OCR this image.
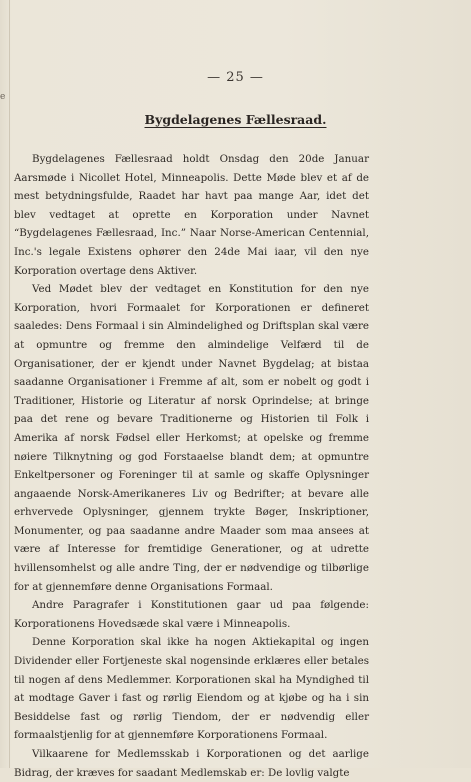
e
— 25 —
Bygdelagenes Fællesraad.

Bygdelagenes Fællesraad holdt Onsdag den 20de Januar Aarsmøde i Nicollet Hotel, Minneapolis. Dette Møde blev et af de mest betydningsfulde, Raadet har havt paa mange Aar, idet det blev vedtaget at oprette en Korporation under Navnet “Bygdelagenes Fællesraad, Inc.” Naar Norse-American Centennial, Inc.'s legale Existens ophører den 24de Mai iaar, vil den nye Korporation overtage dens Aktiver.

Ved Mødet blev der vedtaget en Konstitution for den nye Korporation, hvori Formaalet for Korporationen er defineret saaledes: Dens Formaal i sin Almindelighed og Driftsplan skal være at opmuntre og fremme den almindelige Velfærd til de Organisationer, der er kjendt under Navnet Bygdelag; at bistaa saadanne Organisationer i Fremme af alt, som er nobelt og godt i Traditioner, Historie og Literatur af norsk Oprindelse; at bringe paa det rene og bevare Traditionerne og Historien til Folk i Amerika af norsk Fødsel eller Herkomst; at opelske og fremme nøiere Tilknytning og god Forstaaelse blandt dem; at opmuntre Enkeltpersoner og Foreninger til at samle og skaffe Oplysninger angaaende Norsk-Amerikaneres Liv og Bedrifter; at bevare alle erhvervede Oplysninger, gjennem trykte Bøger, Inskriptioner, Monumenter, og paa saadanne andre Maader som maa ansees at være af Interesse for fremtidige Generationer, og at udrette hvillensomhelst og alle andre Ting, der er nødvendige og tilbørlige for at gjennemføre denne Organisations Formaal.

Andre Paragrafer i Konstitutionen gaar ud paa følgende: Korporationens Hovedsæde skal være i Minneapolis.

Denne Korporation skal ikke ha nogen Aktiekapital og ingen Dividender eller Fortjeneste skal nogensinde erklæres eller betales til nogen af dens Medlemmer. Korporationen skal ha Myndighed til at modtage Gaver i fast og rørlig Eiendom og at kjøbe og ha i sin Besiddelse fast og rørlig Tiendom, der er nødvendig eller formaalstjenlig for at gjennemføre Korporationens Formaal.

Vilkaarene for Medlemsskab i Korporationen og det aarlige Bidrag, der kræves for saadant Medlemskab er: De lovlig valgte
